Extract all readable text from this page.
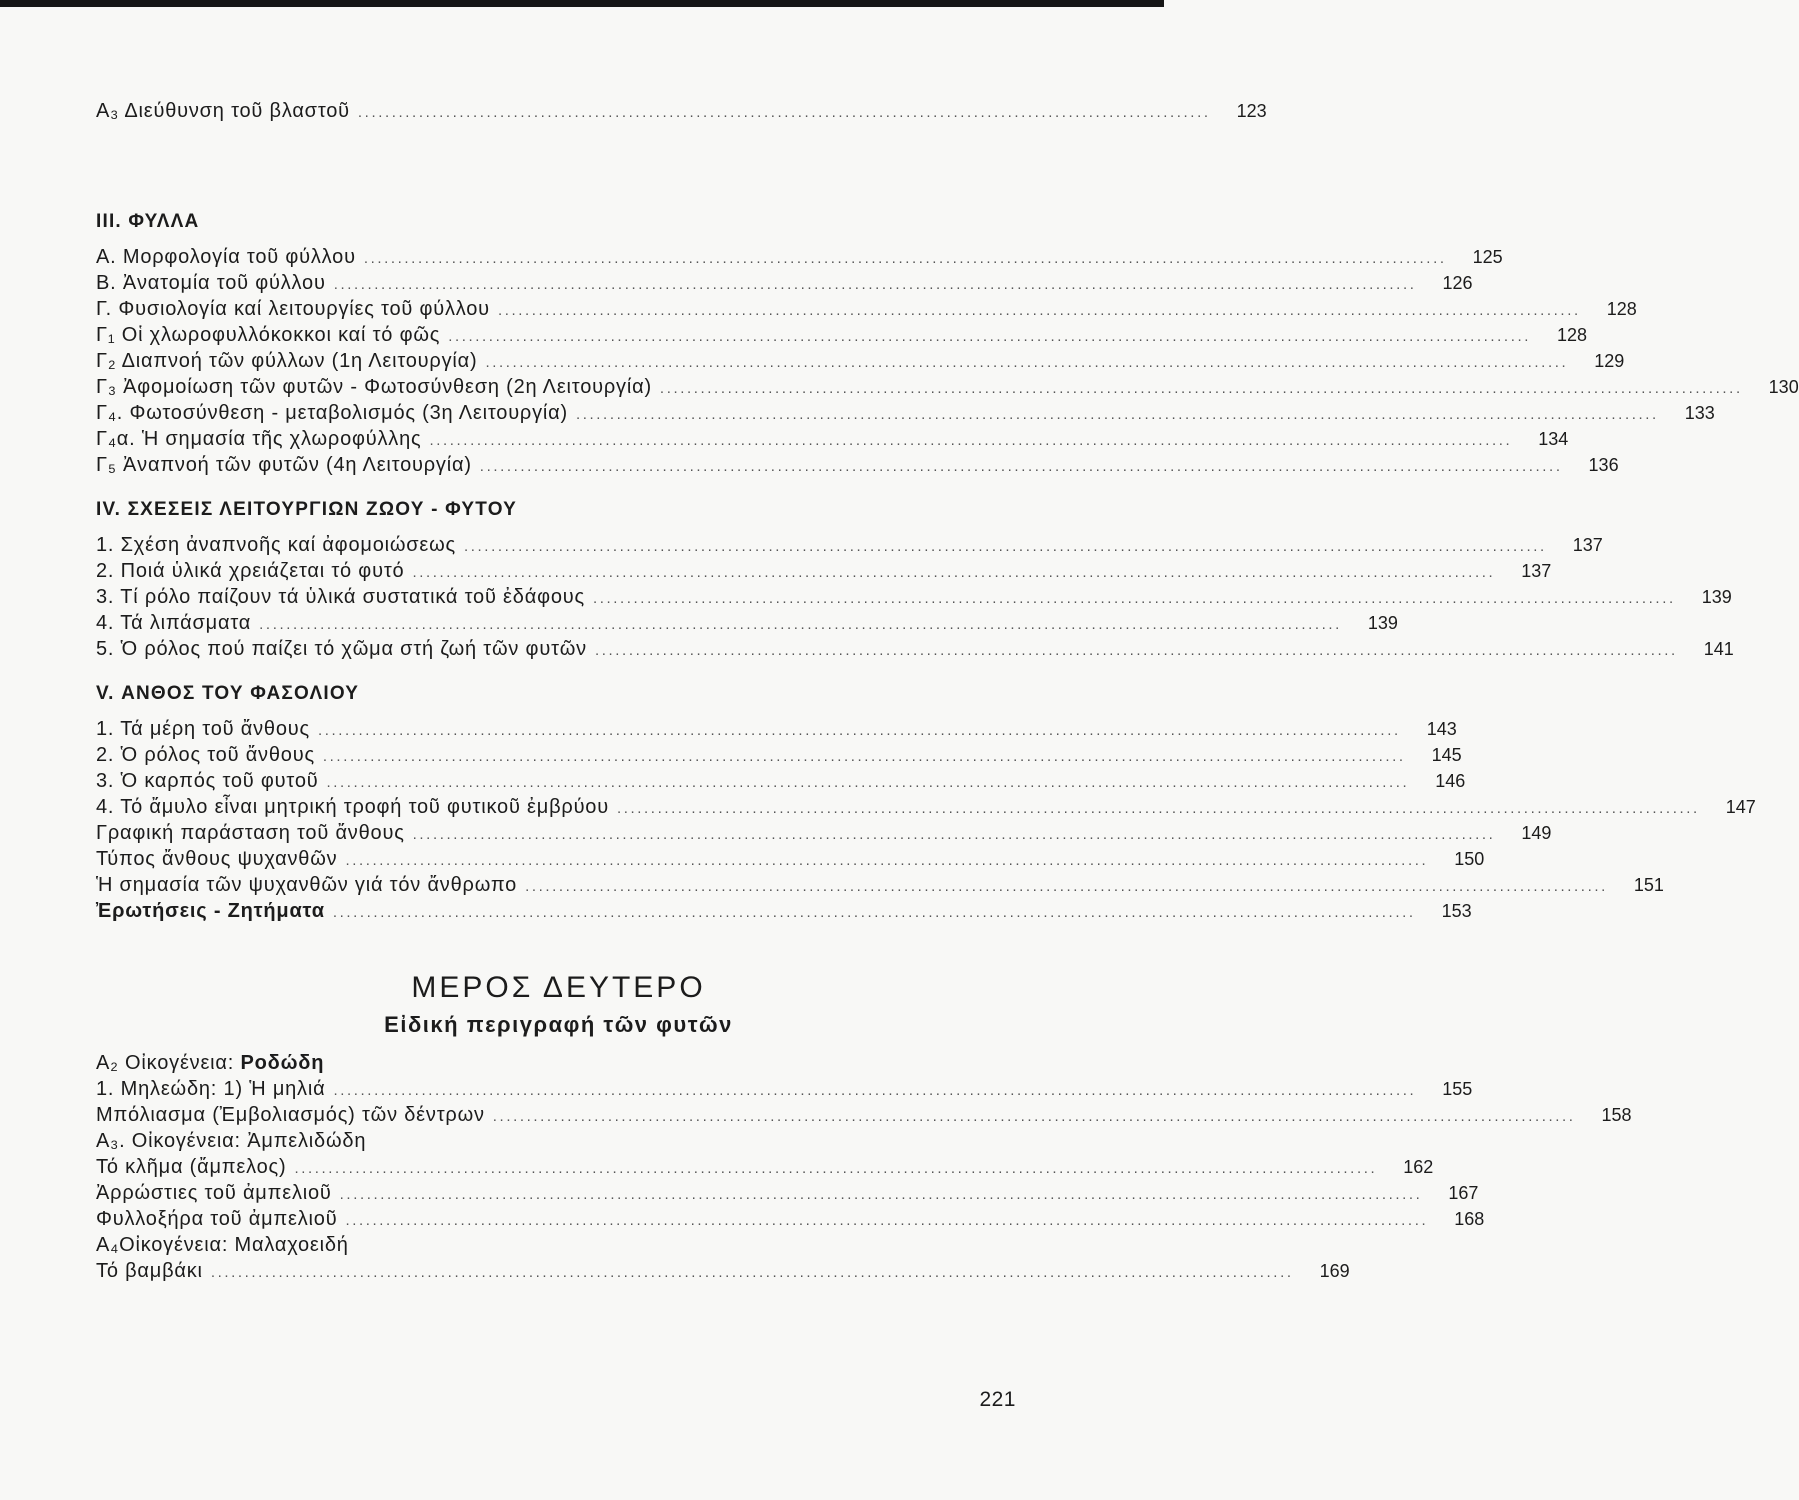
Α₃ Διεύθυνση τοῦ βλαστοῦ ..............................................................................................................................	123
III. ΦΥΛΛΑ
Α. Μορφολογία τοῦ φύλλου ................................................................................................................................................................	125
Β. Ἀνατομία τοῦ φύλλου ................................................................................................................................................................	126
Γ. Φυσιολογία καί λειτουργίες τοῦ φύλλου ................................................................................................................................................................	128
Γ₁ Οἱ χλωροφυλλόκοκκοι καί τό φῶς ................................................................................................................................................................	128
Γ₂ Διαπνοή τῶν φύλλων (1η Λειτουργία) ................................................................................................................................................................	129
Γ₃ Ἀφομοίωση τῶν φυτῶν - Φωτοσύνθεση (2η Λειτουργία) ................................................................................................................................................................	130
Γ₄. Φωτοσύνθεση - μεταβολισμός (3η Λειτουργία) ................................................................................................................................................................	133
Γ₄α. Ἡ σημασία τῆς χλωροφύλλης ................................................................................................................................................................	134
Γ₅ Ἀναπνοή τῶν φυτῶν (4η Λειτουργία) ................................................................................................................................................................	136
IV. ΣΧΕΣΕΙΣ ΛΕΙΤΟΥΡΓΙΩΝ ΖΩΟΥ - ΦΥΤΟΥ
1. Σχέση ἀναπνοῆς καί ἀφομοιώσεως ................................................................................................................................................................	137
2. Ποιά ὑλικά χρειάζεται τό φυτό ................................................................................................................................................................	137
3. Τί ρόλο παίζουν τά ὑλικά συστατικά τοῦ ἐδάφους ................................................................................................................................................................	139
4. Τά λιπάσματα ................................................................................................................................................................	139
5. Ὁ ρόλος πού παίζει τό χῶμα στή ζωή τῶν φυτῶν ................................................................................................................................................................	141
V. ΑΝΘΟΣ ΤΟΥ ΦΑΣΟΛΙΟΥ
1. Τά μέρη τοῦ ἄνθους ................................................................................................................................................................	143
2. Ὁ ρόλος τοῦ ἄνθους ................................................................................................................................................................	145
3. Ὁ καρπός τοῦ φυτοῦ ................................................................................................................................................................	146
4. Τό ἄμυλο εἶναι μητρική τροφή τοῦ φυτικοῦ ἐμβρύου ................................................................................................................................................................	147
Γραφική παράσταση τοῦ ἄνθους ................................................................................................................................................................	149
Τύπος ἄνθους ψυχανθῶν ................................................................................................................................................................	150
Ἡ σημασία τῶν ψυχανθῶν γιά τόν ἄνθρωπο ................................................................................................................................................................	151
Ἐρωτήσεις - Ζητήματα ................................................................................................................................................................	153
ΜΕΡΟΣ ΔΕΥΤΕΡΟ
Εἰδική περιγραφή τῶν φυτῶν
Α₂ Οἰκογένεια: Ροδώδη
1. Μηλεώδη: 1) Ἡ μηλιά ................................................................................................................................................................	155
Μπόλιασμα (Ἐμβολιασμός) τῶν δέντρων ................................................................................................................................................................	158
Α₃. Οἰκογένεια: Ἀμπελιδώδη
Τό κλῆμα (ἄμπελος) ................................................................................................................................................................	162
Ἀρρώστιες τοῦ ἀμπελιοῦ ................................................................................................................................................................	167
Φυλλοξήρα τοῦ ἀμπελιοῦ ................................................................................................................................................................	168
Α₄Οἰκογένεια: Μαλαχοειδή
Τό βαμβάκι ................................................................................................................................................................	169
221
